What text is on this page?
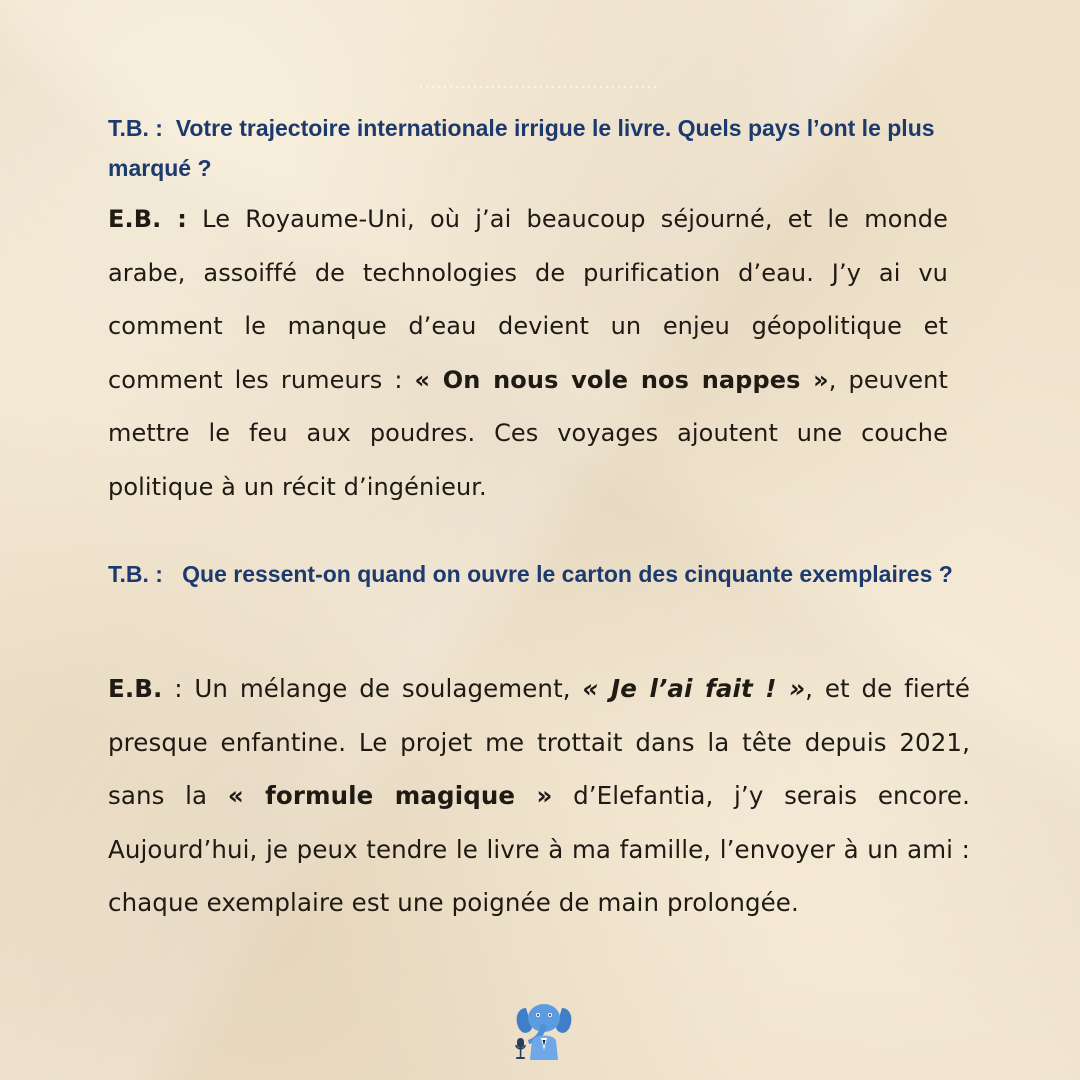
T.B. :  Votre trajectoire internationale irrigue le livre. Quels pays l’ont le plus marqué ?

E.B. : Le Royaume-Uni, où j’ai beaucoup séjourné, et le monde arabe, assoiffé de technologies de purification d’eau. J’y ai vu comment le manque d’eau devient un enjeu géopolitique et comment les rumeurs : « On nous vole nos nappes », peuvent mettre le feu aux poudres. Ces voyages ajoutent une couche politique à un récit d’ingénieur.

T.B. :   Que ressent-on quand on ouvre le carton des cinquante exemplaires ?

E.B. : Un mélange de soulagement, « Je l’ai fait ! », et de fierté presque enfantine. Le projet me trottait dans la tête depuis 2021, sans la « formule magique » d’Elefantia, j’y serais encore. Aujourd’hui, je peux tendre le livre à ma famille, l’envoyer à un ami : chaque exemplaire est une poignée de main prolongée.
